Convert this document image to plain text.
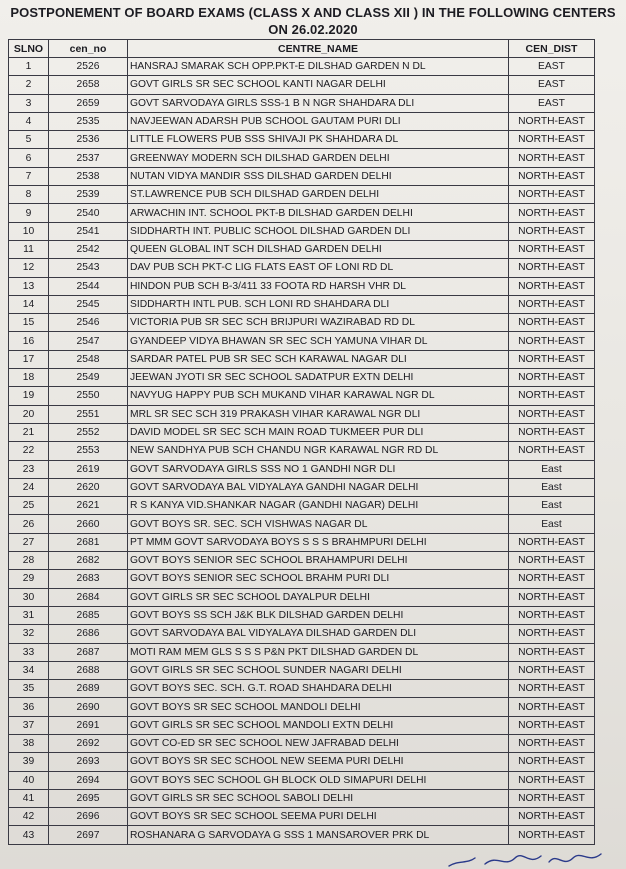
POSTPONEMENT OF BOARD EXAMS (CLASS X AND CLASS XII ) IN THE FOLLOWING CENTERS
ON 26.02.2020
SLNO	cen_no	CENTRE_NAME	CEN_DIST
1	2526	HANSRAJ SMARAK SCH OPP.PKT-E DILSHAD GARDEN N DL	EAST
2	2658	GOVT GIRLS SR SEC SCHOOL KANTI NAGAR DELHI	EAST
3	2659	GOVT SARVODAYA GIRLS SSS-1 B N NGR SHAHDARA DLI	EAST
4	2535	NAVJEEWAN ADARSH PUB SCHOOL GAUTAM PURI DLI	NORTH-EAST
5	2536	LITTLE FLOWERS PUB SSS SHIVAJI PK SHAHDARA DL	NORTH-EAST
6	2537	GREENWAY MODERN SCH DILSHAD GARDEN DELHI	NORTH-EAST
7	2538	NUTAN VIDYA MANDIR SSS DILSHAD GARDEN DELHI	NORTH-EAST
8	2539	ST.LAWRENCE PUB SCH DILSHAD GARDEN DELHI	NORTH-EAST
9	2540	ARWACHIN INT. SCHOOL PKT-B DILSHAD GARDEN DELHI	NORTH-EAST
10	2541	SIDDHARTH INT. PUBLIC SCHOOL DILSHAD GARDEN DLI	NORTH-EAST
11	2542	QUEEN GLOBAL INT SCH DILSHAD GARDEN DELHI	NORTH-EAST
12	2543	DAV PUB SCH PKT-C LIG FLATS EAST OF LONI RD DL	NORTH-EAST
13	2544	HINDON PUB SCH B-3/411 33 FOOTA RD HARSH VHR DL	NORTH-EAST
14	2545	SIDDHARTH INTL PUB. SCH LONI RD SHAHDARA DLI	NORTH-EAST
15	2546	VICTORIA PUB SR SEC SCH BRIJPURI WAZIRABAD RD DL	NORTH-EAST
16	2547	GYANDEEP VIDYA BHAWAN SR SEC SCH YAMUNA VIHAR DL	NORTH-EAST
17	2548	SARDAR PATEL PUB SR SEC SCH KARAWAL NAGAR DLI	NORTH-EAST
18	2549	JEEWAN JYOTI SR SEC SCHOOL SADATPUR EXTN DELHI	NORTH-EAST
19	2550	NAVYUG HAPPY PUB SCH MUKAND VIHAR KARAWAL NGR DL	NORTH-EAST
20	2551	MRL SR SEC SCH 319 PRAKASH VIHAR KARAWAL NGR DLI	NORTH-EAST
21	2552	DAVID MODEL SR SEC SCH MAIN ROAD TUKMEER PUR DLI	NORTH-EAST
22	2553	NEW SANDHYA PUB SCH CHANDU NGR KARAWAL NGR RD DL	NORTH-EAST
23	2619	GOVT SARVODAYA GIRLS SSS NO 1 GANDHI NGR DLI	East
24	2620	GOVT SARVODAYA BAL VIDYALAYA GANDHI NAGAR DELHI	East
25	2621	R S KANYA VID.SHANKAR NAGAR (GANDHI NAGAR) DELHI	East
26	2660	GOVT BOYS SR. SEC. SCH VISHWAS NAGAR DL	East
27	2681	PT MMM GOVT SARVODAYA BOYS S S S BRAHMPURI DELHI	NORTH-EAST
28	2682	GOVT BOYS SENIOR SEC SCHOOL BRAHAMPURI DELHI	NORTH-EAST
29	2683	GOVT BOYS SENIOR SEC SCHOOL BRAHM PURI DLI	NORTH-EAST
30	2684	GOVT GIRLS SR SEC SCHOOL DAYALPUR DELHI	NORTH-EAST
31	2685	GOVT BOYS SS SCH J&K BLK DILSHAD GARDEN DELHI	NORTH-EAST
32	2686	GOVT SARVODAYA BAL VIDYALAYA DILSHAD GARDEN DLI	NORTH-EAST
33	2687	MOTI RAM MEM GLS S S S P&N PKT DILSHAD GARDEN DL	NORTH-EAST
34	2688	GOVT GIRLS SR SEC SCHOOL SUNDER NAGARI DELHI	NORTH-EAST
35	2689	GOVT BOYS SEC. SCH. G.T. ROAD SHAHDARA DELHI	NORTH-EAST
36	2690	GOVT BOYS SR SEC SCHOOL MANDOLI DELHI	NORTH-EAST
37	2691	GOVT GIRLS SR SEC SCHOOL MANDOLI EXTN DELHI	NORTH-EAST
38	2692	GOVT CO-ED SR SEC SCHOOL NEW JAFRABAD DELHI	NORTH-EAST
39	2693	GOVT BOYS SR SEC SCHOOL NEW SEEMA PURI DELHI	NORTH-EAST
40	2694	GOVT BOYS SEC SCHOOL GH BLOCK OLD SIMAPURI DELHI	NORTH-EAST
41	2695	GOVT GIRLS SR SEC SCHOOL SABOLI DELHI	NORTH-EAST
42	2696	GOVT BOYS SR SEC SCHOOL SEEMA PURI DELHI	NORTH-EAST
43	2697	ROSHANARA G SARVODAYA G SSS 1 MANSAROVER PRK DL	NORTH-EAST
